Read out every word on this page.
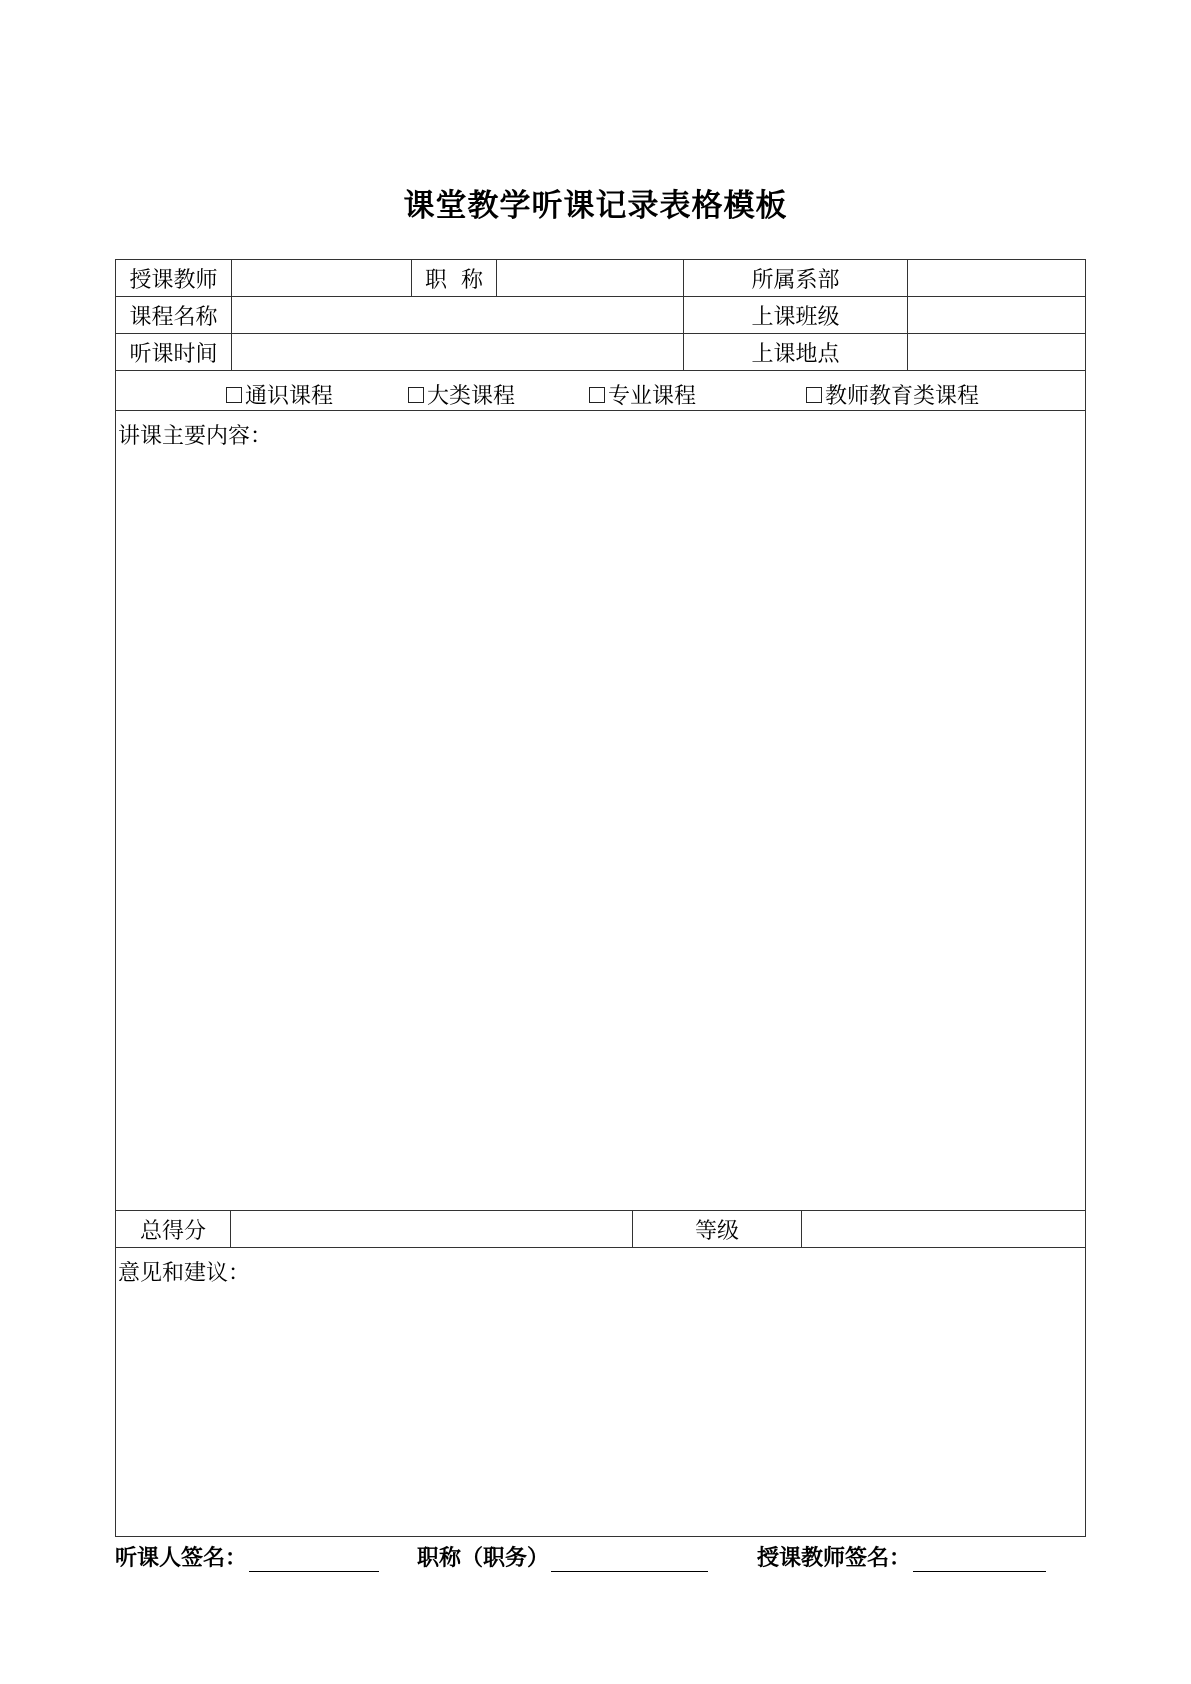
课堂教学听课记录表格模板
授课教师	职  称	所属系部
课程名称	上课班级
听课时间	上课地点
通识课程	大类课程	专业课程	教师教育类课程
讲课主要内容：
总得分	等级
意见和建议：
听课人签名：	职称（职务）	授课教师签名：
